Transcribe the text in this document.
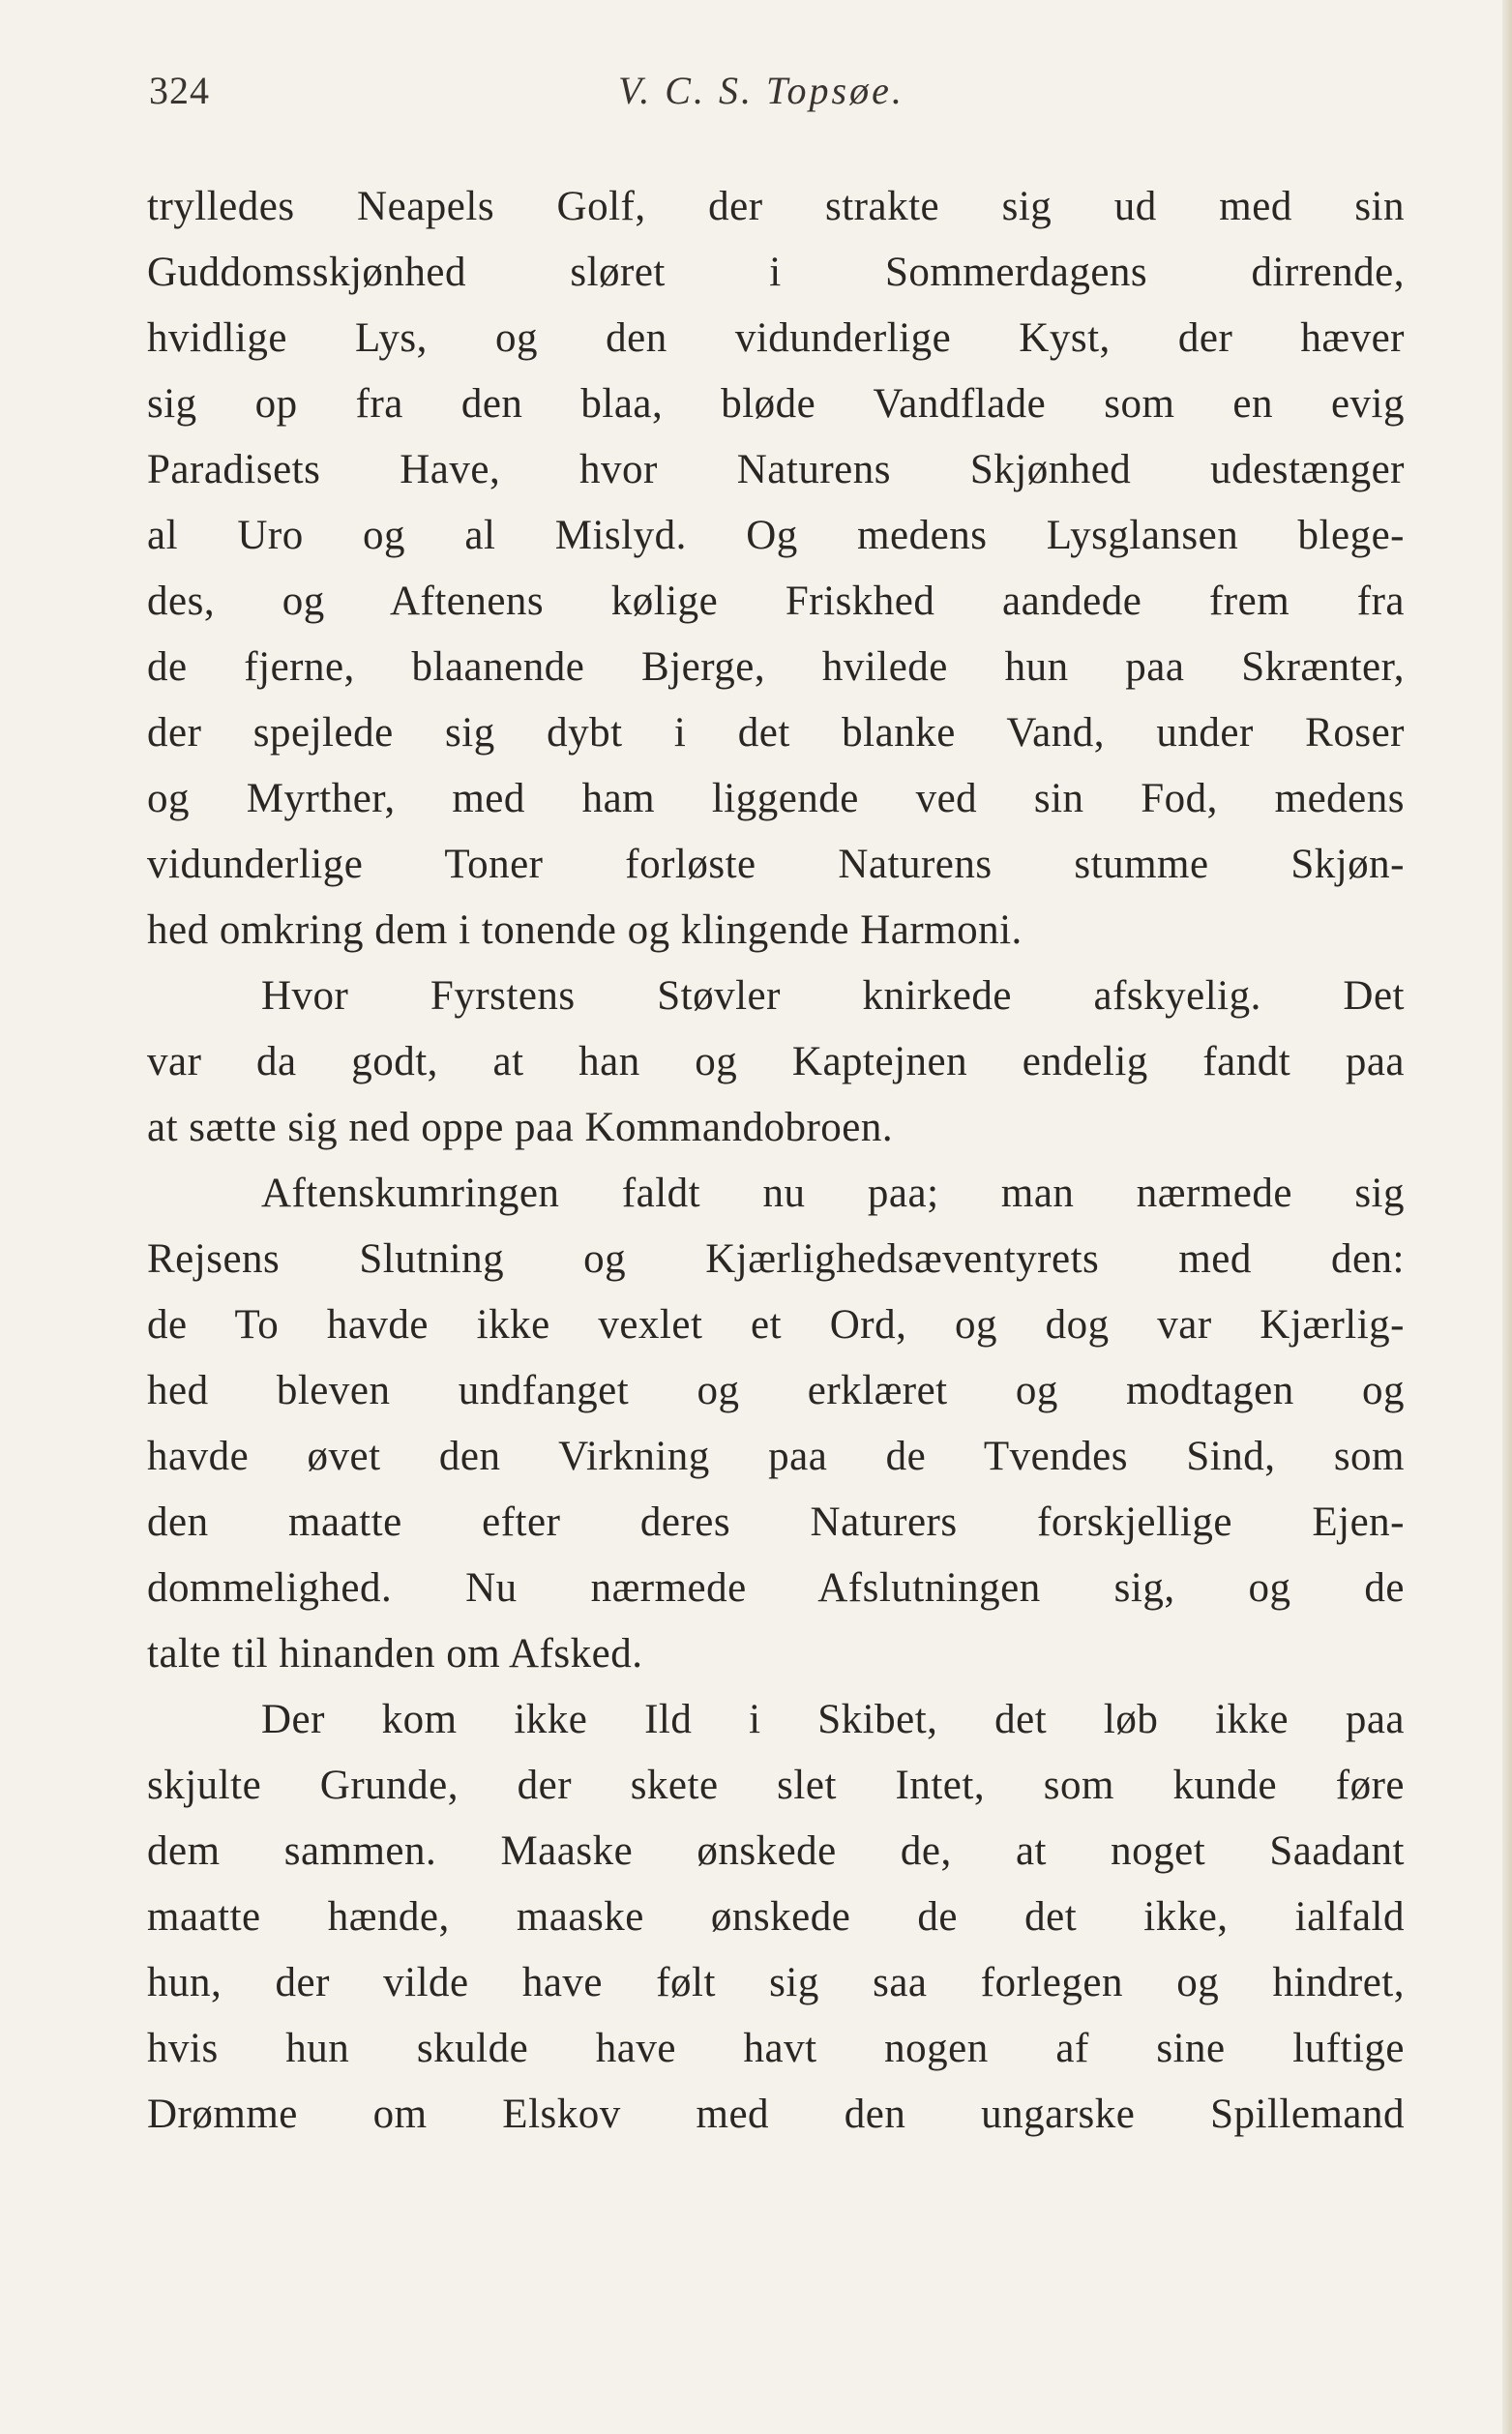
324	V. C. S. Topsøe.
trylledes Neapels Golf, der strakte sig ud med sin
Guddomsskjønhed sløret i Sommerdagens dirrende,
hvidlige Lys, og den vidunderlige Kyst, der hæver
sig op fra den blaa, bløde Vandflade som en evig
Paradisets Have, hvor Naturens Skjønhed udestænger
al Uro og al Mislyd. Og medens Lysglansen blege-
des, og Aftenens kølige Friskhed aandede frem fra
de fjerne, blaanende Bjerge, hvilede hun paa Skrænter,
der spejlede sig dybt i det blanke Vand, under Roser
og Myrther, med ham liggende ved sin Fod, medens
vidunderlige Toner forløste Naturens stumme Skjøn-
hed omkring dem i tonende og klingende Harmoni.
Hvor Fyrstens Støvler knirkede afskyelig. Det
var da godt, at han og Kaptejnen endelig fandt paa
at sætte sig ned oppe paa Kommandobroen.
Aftenskumringen faldt nu paa; man nærmede sig
Rejsens Slutning og Kjærlighedsæventyrets med den:
de To havde ikke vexlet et Ord, og dog var Kjærlig-
hed bleven undfanget og erklæret og modtagen og
havde øvet den Virkning paa de Tvendes Sind, som
den maatte efter deres Naturers forskjellige Ejen-
dommelighed. Nu nærmede Afslutningen sig, og de
talte til hinanden om Afsked.
Der kom ikke Ild i Skibet, det løb ikke paa
skjulte Grunde, der skete slet Intet, som kunde føre
dem sammen. Maaske ønskede de, at noget Saadant
maatte hænde, maaske ønskede de det ikke, ialfald
hun, der vilde have følt sig saa forlegen og hindret,
hvis hun skulde have havt nogen af sine luftige
Drømme om Elskov med den ungarske Spillemand
